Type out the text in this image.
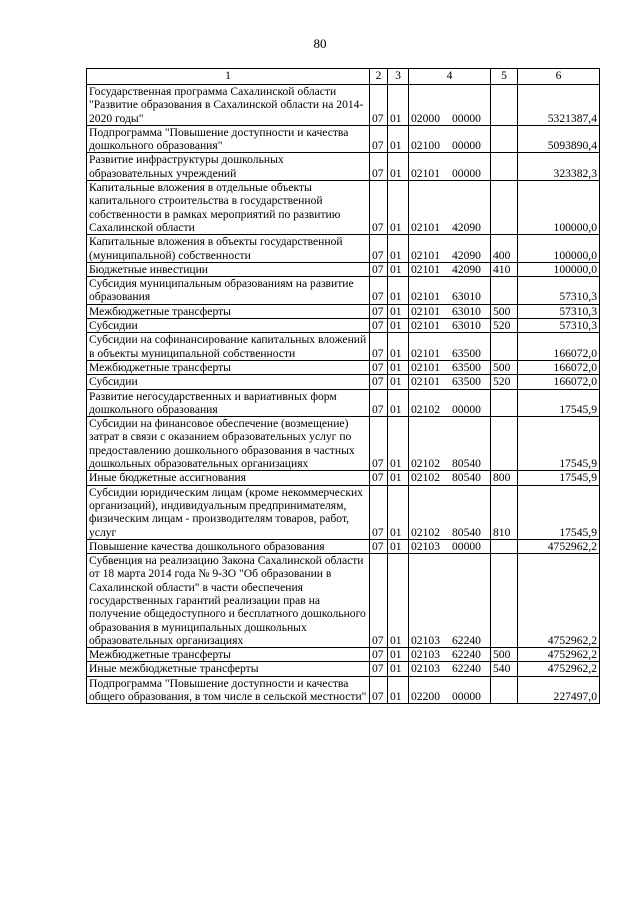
80
1	2	3	4	5	6
Государственная программа Сахалинской области "Развитие образования в Сахалинской области на 2014-2020 годы"	07	01	02000 00000		5321387,4
Подпрограмма "Повышение доступности и качества дошкольного образования"	07	01	02100 00000		5093890,4
Развитие инфраструктуры дошкольных образовательных учреждений	07	01	02101 00000		323382,3
Капитальные вложения в отдельные объекты капитального строительства в государственной собственности в рамках мероприятий по развитию Сахалинской области	07	01	02101 42090		100000,0
Капитальные вложения в объекты государственной (муниципальной) собственности	07	01	02101 42090	400	100000,0
Бюджетные инвестиции	07	01	02101 42090	410	100000,0
Субсидия муниципальным образованиям на развитие образования	07	01	02101 63010		57310,3
Межбюджетные трансферты	07	01	02101 63010	500	57310,3
Субсидии	07	01	02101 63010	520	57310,3
Субсидии на софинансирование капитальных вложений в объекты муниципальной собственности	07	01	02101 63500		166072,0
Межбюджетные трансферты	07	01	02101 63500	500	166072,0
Субсидии	07	01	02101 63500	520	166072,0
Развитие негосударственных и вариативных форм дошкольного образования	07	01	02102 00000		17545,9
Субсидии на финансовое обеспечение (возмещение) затрат в связи с оказанием образовательных услуг по предоставлению дошкольного образования в частных дошкольных образовательных организациях	07	01	02102 80540		17545,9
Иные бюджетные ассигнования	07	01	02102 80540	800	17545,9
Субсидии юридическим лицам (кроме некоммерческих организаций), индивидуальным предпринимателям, физическим лицам - производителям товаров, работ, услуг	07	01	02102 80540	810	17545,9
Повышение качества дошкольного образования	07	01	02103 00000		4752962,2
Субвенция на реализацию Закона Сахалинской области от 18 марта 2014 года № 9-ЗО "Об образовании в Сахалинской области" в части обеспечения государственных гарантий реализации прав на получение общедоступного и бесплатного дошкольного образования в муниципальных дошкольных образовательных организациях	07	01	02103 62240		4752962,2
Межбюджетные трансферты	07	01	02103 62240	500	4752962,2
Иные межбюджетные трансферты	07	01	02103 62240	540	4752962,2
Подпрограмма "Повышение доступности и качества общего образования, в том числе в сельской местности"	07	01	02200 00000		227497,0
